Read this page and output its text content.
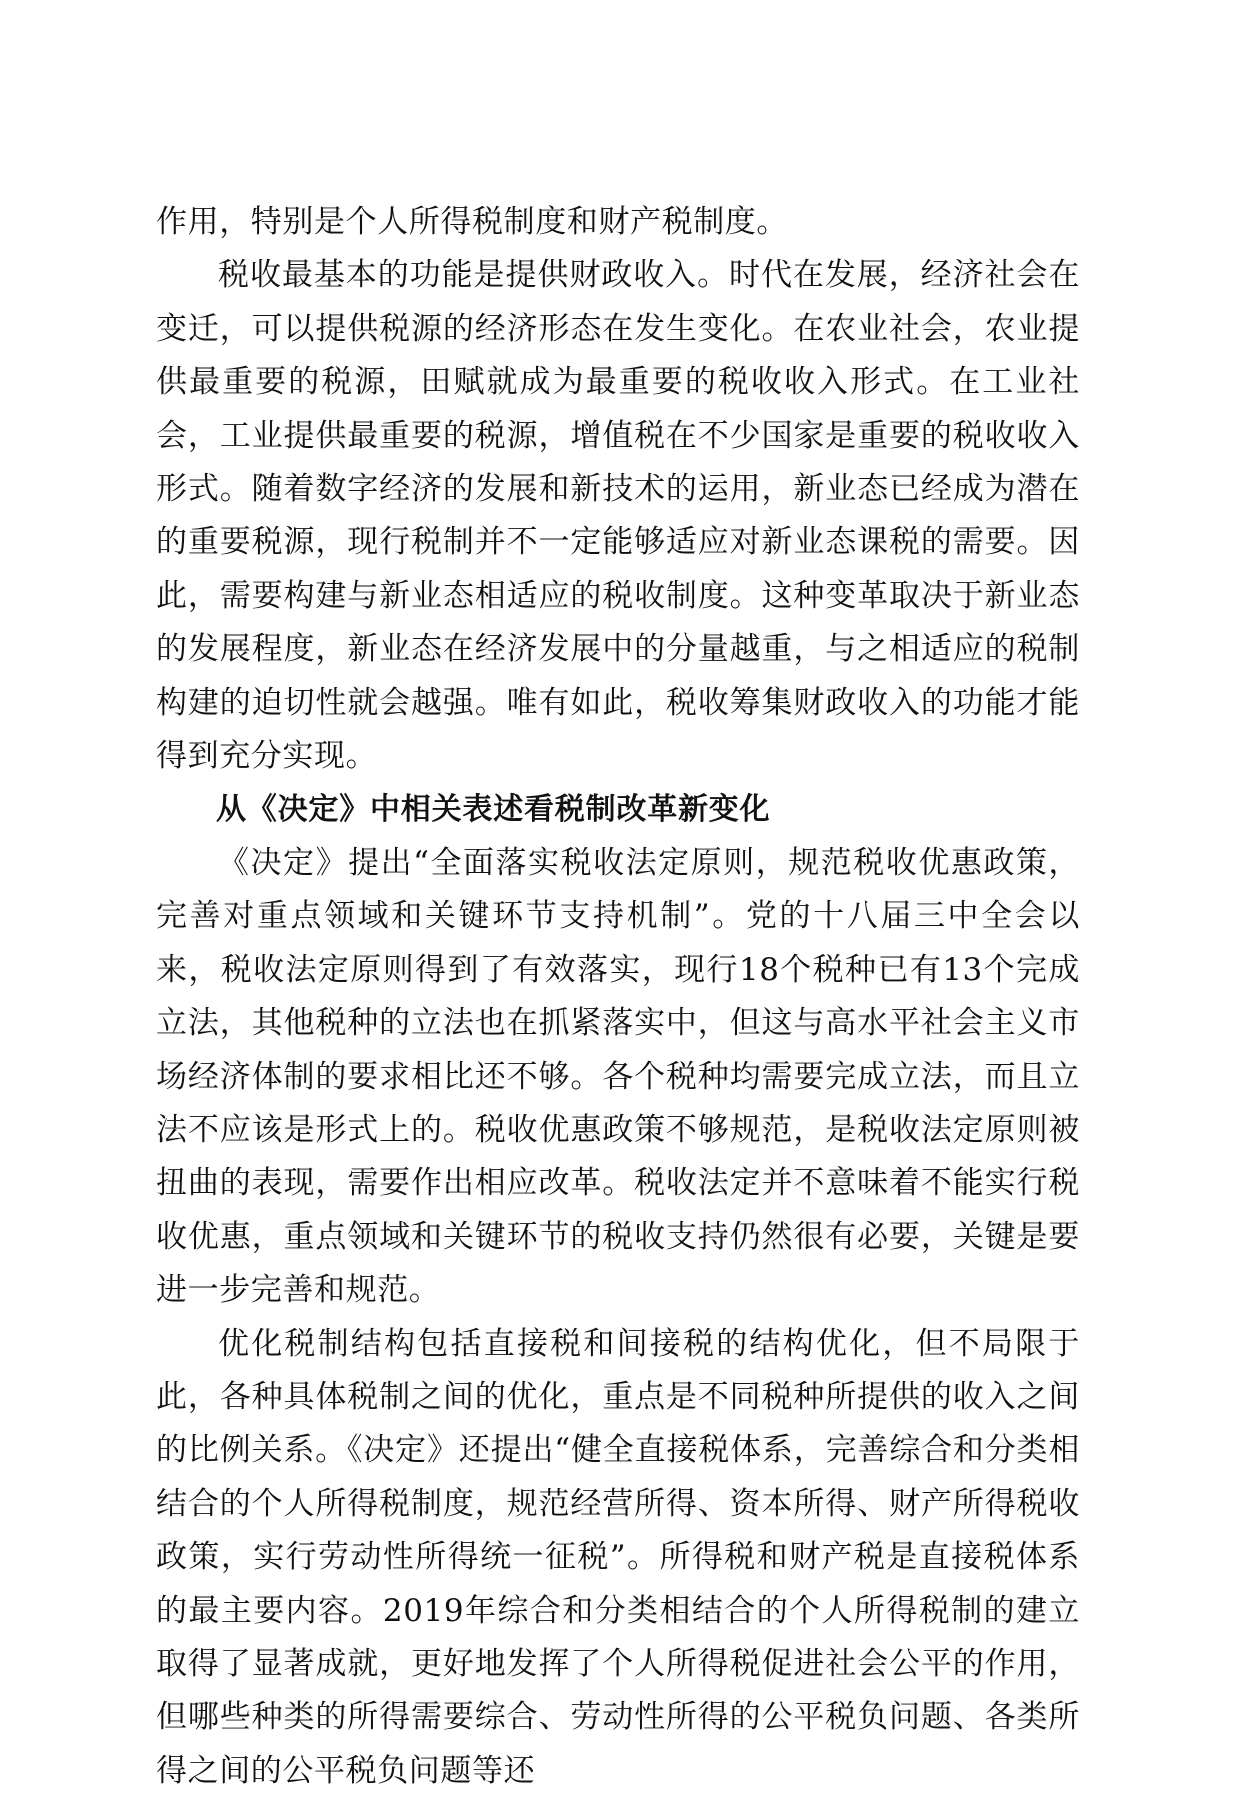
作用，特别是个人所得税制度和财产税制度。

税收最基本的功能是提供财政收入。时代在发展，经济社会在变迁，可以提供税源的经济形态在发生变化。在农业社会，农业提供最重要的税源，田赋就成为最重要的税收收入形式。在工业社会，工业提供最重要的税源，增值税在不少国家是重要的税收收入形式。随着数字经济的发展和新技术的运用，新业态已经成为潜在的重要税源，现行税制并不一定能够适应对新业态课税的需要。因此，需要构建与新业态相适应的税收制度。这种变革取决于新业态的发展程度，新业态在经济发展中的分量越重，与之相适应的税制构建的迫切性就会越强。唯有如此，税收筹集财政收入的功能才能得到充分实现。

从《决定》中相关表述看税制改革新变化

《决定》提出“全面落实税收法定原则，规范税收优惠政策，完善对重点领域和关键环节支持机制”。党的十八届三中全会以来，税收法定原则得到了有效落实，现行18个税种已有13个完成立法，其他税种的立法也在抓紧落实中，但这与高水平社会主义市场经济体制的要求相比还不够。各个税种均需要完成立法，而且立法不应该是形式上的。税收优惠政策不够规范，是税收法定原则被扭曲的表现，需要作出相应改革。税收法定并不意味着不能实行税收优惠，重点领域和关键环节的税收支持仍然很有必要，关键是要进一步完善和规范。

优化税制结构包括直接税和间接税的结构优化，但不局限于此，各种具体税制之间的优化，重点是不同税种所提供的收入之间的比例关系。《决定》还提出“健全直接税体系，完善综合和分类相结合的个人所得税制度，规范经营所得、资本所得、财产所得税收政策，实行劳动性所得统一征税”。所得税和财产税是直接税体系的最主要内容。2019年综合和分类相结合的个人所得税制的建立取得了显著成就，更好地发挥了个人所得税促进社会公平的作用，但哪些种类的所得需要综合、劳动性所得的公平税负问题、各类所得之间的公平税负问题等还
